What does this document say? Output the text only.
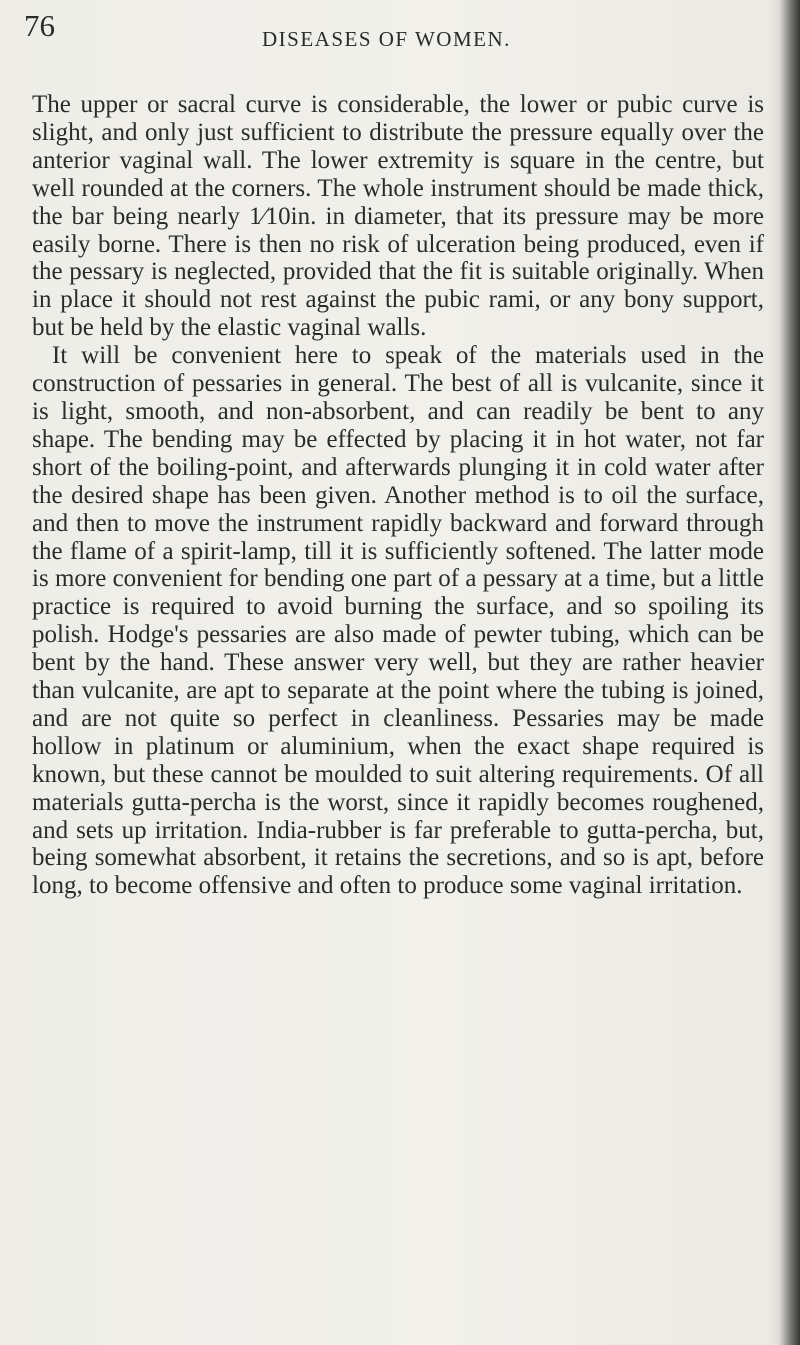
76	DISEASES OF WOMEN.

The upper or sacral curve is considerable, the lower or pubic curve is slight, and only just sufficient to distribute the pressure equally over the anterior vaginal wall. The lower extremity is square in the centre, but well rounded at the corners. The whole instrument should be made thick, the bar being nearly 1⁄10in. in diameter, that its pressure may be more easily borne. There is then no risk of ulceration being produced, even if the pessary is neglected, provided that the fit is suitable originally. When in place it should not rest against the pubic rami, or any bony support, but be held by the elastic vaginal walls.

It will be convenient here to speak of the materials used in the construction of pessaries in general. The best of all is vulcanite, since it is light, smooth, and non-absorbent, and can readily be bent to any shape. The bending may be effected by placing it in hot water, not far short of the boiling-point, and afterwards plunging it in cold water after the desired shape has been given. Another method is to oil the surface, and then to move the instrument rapidly backward and forward through the flame of a spirit-lamp, till it is sufficiently softened. The latter mode is more convenient for bending one part of a pessary at a time, but a little practice is required to avoid burning the surface, and so spoiling its polish. Hodge's pessaries are also made of pewter tubing, which can be bent by the hand. These answer very well, but they are rather heavier than vulcanite, are apt to separate at the point where the tubing is joined, and are not quite so perfect in cleanliness. Pessaries may be made hollow in platinum or aluminium, when the exact shape required is known, but these cannot be moulded to suit altering requirements. Of all materials gutta-percha is the worst, since it rapidly becomes roughened, and sets up irritation. India-rubber is far preferable to gutta-percha, but, being somewhat absorbent, it retains the secretions, and so is apt, before long, to become offensive and often to produce some vaginal irritation.
